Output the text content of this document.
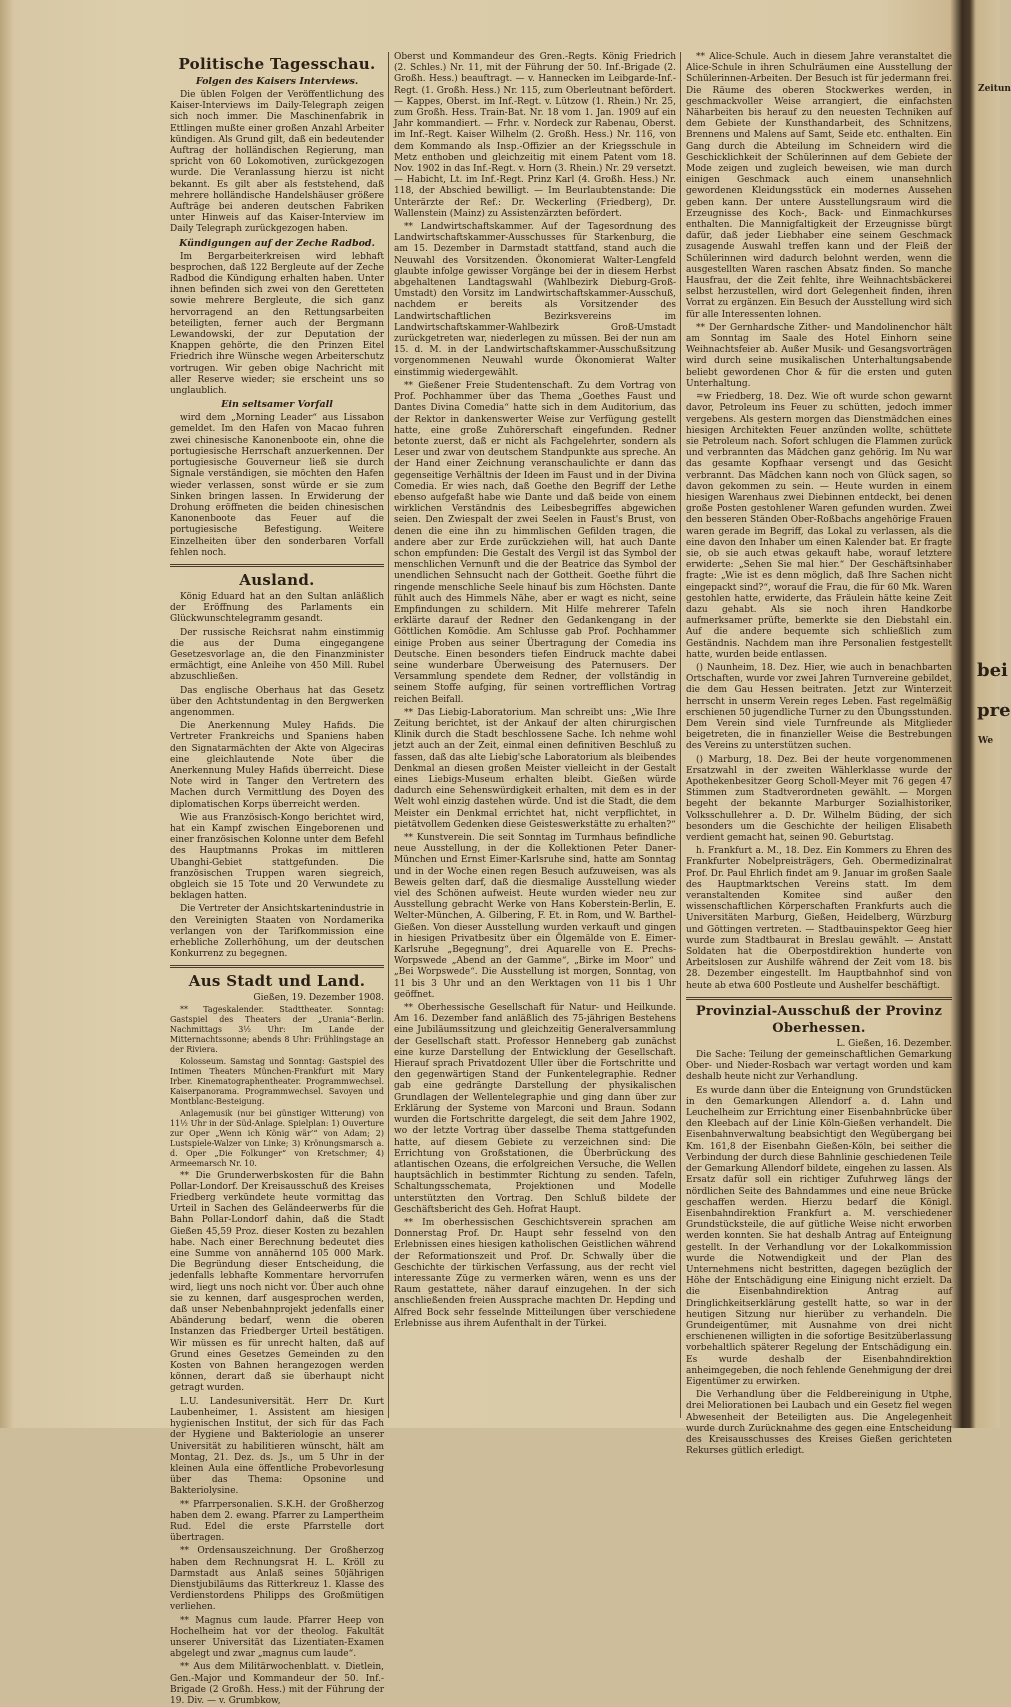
Politische Tagesschau.
Folgen des Kaisers Interviews.

Die üblen Folgen der Veröffentlichung des Kaiser-Interviews im Daily-Telegraph zeigen sich noch immer. Die Maschinenfabrik in Ettlingen mußte einer großen Anzahl Arbeiter kündigen. Als Grund gilt, daß ein bedeutender Auftrag der holländischen Regierung, man spricht von 60 Lokomotiven, zurückgezogen wurde. Die Veranlassung hierzu ist nicht bekannt. Es gilt aber als feststehend, daß mehrere holländische Handelshäuser größere Aufträge bei anderen deutschen Fabriken unter Hinweis auf das Kaiser-Interview im Daily Telegraph zurückgezogen haben.

Kündigungen auf der Zeche Radbod.

Im Bergarbeiterkreisen wird lebhaft besprochen, daß 122 Bergleute auf der Zeche Radbod die Kündigung erhalten haben. Unter ihnen befinden sich zwei von den Geretteten sowie mehrere Bergleute, die sich ganz hervorragend an den Rettungsarbeiten beteiligten, ferner auch der Bergmann Lewandowski, der zur Deputation der Knappen gehörte, die den Prinzen Eitel Friedrich ihre Wünsche wegen Arbeiterschutz vortrugen. Wir geben obige Nachricht mit aller Reserve wieder; sie erscheint uns so unglaublich.

Ein seltsamer Vorfall

wird dem „Morning Leader“ aus Lissabon gemeldet. Im den Hafen von Macao fuhren zwei chinesische Kanonenboote ein, ohne die portugiesische Herrschaft anzuerkennen. Der portugiesische Gouverneur ließ sie durch Signale verständigen, sie möchten den Hafen wieder verlassen, sonst würde er sie zum Sinken bringen lassen. In Erwiderung der Drohung eröffneten die beiden chinesischen Kanonenboote das Feuer auf die portugiesische Befestigung. Weitere Einzelheiten über den sonderbaren Vorfall fehlen noch.

Ausland.

König Eduard hat an den Sultan anläßlich der Eröffnung des Parlaments ein Glückwunschtelegramm gesandt.

Der russische Reichsrat nahm einstimmig die aus der Duma eingegangene Gesetzesvorlage an, die den Finanzminister ermächtigt, eine Anleihe von 450 Mill. Rubel abzuschließen.

Das englische Oberhaus hat das Gesetz über den Achtstundentag in den Bergwerken angenommen.

Die Anerkennung Muley Hafids. Die Vertreter Frankreichs und Spaniens haben den Signatarmächten der Akte von Algeciras eine gleichlautende Note über die Anerkennung Muley Hafids überreicht. Diese Note wird in Tanger den Vertretern des Machen durch Vermittlung des Doyen des diplomatischen Korps überreicht werden.

Wie aus Französisch-Kongo berichtet wird, hat ein Kampf zwischen Eingeborenen und einer französischen Kolonne unter dem Befehl des Hauptmanns Prokas im mittleren Ubanghi-Gebiet stattgefunden. Die französischen Truppen waren siegreich, obgleich sie 15 Tote und 20 Verwundete zu beklagen hatten.

Die Vertreter der Ansichtskartenindustrie in den Vereinigten Staaten von Nordamerika verlangen von der Tarifkommission eine erhebliche Zollerhöhung, um der deutschen Konkurrenz zu begegnen.

Aus Stadt und Land.
Gießen, 19. Dezember 1908.

** Tageskalender. Stadttheater. Sonntag: Gastspiel des Theaters der „Urania“-Berlin. Nachmittags 3½ Uhr: Im Lande der Mitternachtssonne; abends 8 Uhr: Frühlingstage an der Riviera.

Kolosseum. Samstag und Sonntag: Gastspiel des Intimen Theaters München-Frankfurt mit Mary Irber. Kinematographentheater. Programmwechsel. Kaiserpanorama. Programmwechsel. Savoyen und Montblanc-Besteigung.

Anlagemusik (nur bei günstiger Witterung) von 11½ Uhr in der Süd-Anlage. Spielplan: 1) Ouverture zur Oper „Wenn ich König wär’“ von Adam; 2) Lustspiele-Walzer von Linke; 3) Krönungsmarsch a. d. Oper „Die Folkunger“ von Kretschmer; 4) Armeemarsch Nr. 10.

** Die Grunderwerbskosten für die Bahn Pollar-Londorf. Der Kreisausschuß des Kreises Friedberg verkündete heute vormittag das Urteil in Sachen des Geländeerwerbs für die Bahn Pollar-Londorf dahin, daß die Stadt Gießen 45,59 Proz. dieser Kosten zu bezahlen habe. Nach einer Berechnung bedeutet dies eine Summe von annähernd 105 000 Mark. Die Begründung dieser Entscheidung, die jedenfalls lebhafte Kommentare hervorrufen wird, liegt uns noch nicht vor. Über auch ohne sie zu kennen, darf ausgesprochen werden, daß unser Nebenbahnprojekt jedenfalls einer Abänderung bedarf, wenn die oberen Instanzen das Friedberger Urteil bestätigen. Wir müssen es für unrecht halten, daß auf Grund eines Gesetzes Gemeinden zu den Kosten von Bahnen herangezogen werden können, derart daß sie überhaupt nicht getragt wurden.

L.U. Landesuniversität. Herr Dr. Kurt Laubenheimer, 1. Assistent am hiesigen hygienischen Institut, der sich für das Fach der Hygiene und Bakteriologie an unserer Universität zu habilitieren wünscht, hält am Montag, 21. Dez. ds. Js., um 5 Uhr in der kleinen Aula eine öffentliche Probevorlesung über das Thema: Opsonine und Bakteriolysine.

** Pfarrpersonalien. S.K.H. der Großherzog haben dem 2. ewang. Pfarrer zu Lampertheim Rud. Edel die erste Pfarrstelle dort übertragen.

** Ordensauszeichnung. Der Großherzog haben dem Rechnungsrat H. L. Kröll zu Darmstadt aus Anlaß seines 50jährigen Dienstjubiläums das Ritterkreuz 1. Klasse des Verdienstordens Philipps des Großmütigen verliehen.

** Magnus cum laude. Pfarrer Heep von Hochelheim hat vor der theolog. Fakultät unserer Universität das Lizentiaten-Examen abgelegt und zwar „magnus cum laude“.

** Aus dem Militärwochenblatt. v. Dietlein, Gen.-Major und Kommandeur der 50. Inf.-Brigade (2 Großh. Hess.) mit der Führung der 19. Div. — v. Grumbkow,

Oberst und Kommandeur des Gren.-Regts. König Friedrich (2. Schles.) Nr. 11, mit der Führung der 50. Inf.-Brigade (2. Großh. Hess.) beauftragt. — v. Hannecken im Leibgarde-Inf.-Regt. (1. Großh. Hess.) Nr. 115, zum Oberleutnant befördert. — Kappes, Oberst. im Inf.-Regt. v. Lützow (1. Rhein.) Nr. 25, zum Großh. Hess. Train-Bat. Nr. 18 vom 1. Jan. 1909 auf ein Jahr kommandiert. — Frhr. v. Nordeck zur Rabenau, Oberst. im Inf.-Regt. Kaiser Wilhelm (2. Großh. Hess.) Nr. 116, von dem Kommando als Insp.-Offizier an der Kriegsschule in Metz enthoben und gleichzeitig mit einem Patent vom 18. Nov. 1902 in das Inf.-Regt. v. Horn (3. Rhein.) Nr. 29 versetzt. — Habicht, Lt. im Inf.-Regt. Prinz Karl (4. Großh. Hess.) Nr. 118, der Abschied bewilligt. — Im Beurlaubtenstande: Die Unterärzte der Ref.: Dr. Weckerling (Friedberg), Dr. Wallenstein (Mainz) zu Assistenzärzten befördert.

** Landwirtschaftskammer. Auf der Tagesordnung des Landwirtschaftskammer-Ausschusses für Starkenburg, die am 15. Dezember in Darmstadt stattfand, stand auch die Neuwahl des Vorsitzenden. Ökonomierat Walter-Lengfeld glaubte infolge gewisser Vorgänge bei der in diesem Herbst abgehaltenen Landtagswahl (Wahlbezirk Dieburg-Groß-Umstadt) den Vorsitz im Landwirtschaftskammer-Ausschuß, nachdem er bereits als Vorsitzender des Landwirtschaftlichen Bezirksvereins im Landwirtschaftskammer-Wahlbezirk Groß-Umstadt zurückgetreten war, niederlegen zu müssen. Bei der nun am 15. d. M. in der Landwirtschaftskammer-Ausschußsitzung vorgenommenen Neuwahl wurde Ökonomierat Walter einstimmig wiedergewählt.

** Gießener Freie Studentenschaft. Zu dem Vortrag von Prof. Pochhammer über das Thema „Goethes Faust und Dantes Divina Comedia“ hatte sich in dem Auditorium, das der Rektor in dankenswerter Weise zur Verfügung gestellt hatte, eine große Zuhörerschaft eingefunden. Redner betonte zuerst, daß er nicht als Fachgelehrter, sondern als Leser und zwar von deutschem Standpunkte aus spreche. An der Hand einer Zeichnung veranschaulichte er dann das gegenseitige Verhältnis der Ideen im Faust und in der Divina Comedia. Er wies nach, daß Goethe den Begriff der Lethe ebenso aufgefaßt habe wie Dante und daß beide von einem wirklichen Verständnis des Leibesbegriffes abgewichen seien. Den Zwiespalt der zwei Seelen in Faust's Brust, von denen die eine ihn zu himmlischen Gefilden tragen, die andere aber zur Erde zurückziehen will, hat auch Dante schon empfunden: Die Gestalt des Vergil ist das Symbol der menschlichen Vernunft und die der Beatrice das Symbol der unendlichen Sehnsucht nach der Gottheit. Goethe führt die ringende menschliche Seele hinauf bis zum Höchsten. Dante fühlt auch des Himmels Nähe, aber er wagt es nicht, seine Empfindungen zu schildern. Mit Hilfe mehrerer Tafeln erklärte darauf der Redner den Gedankengang in der Göttlichen Komödie. Am Schlusse gab Prof. Pochhammer einige Proben aus seiner Übertragung der Comedia ins Deutsche. Einen besonders tiefen Eindruck machte dabei seine wunderbare Überweisung des Paternusers. Der Versammlung spendete dem Redner, der vollständig in seinem Stoffe aufging, für seinen vortrefflichen Vortrag reichen Beifall.

** Das Liebig-Laboratorium. Man schreibt uns: „Wie Ihre Zeitung berichtet, ist der Ankauf der alten chirurgischen Klinik durch die Stadt beschlossene Sache. Ich nehme wohl jetzt auch an der Zeit, einmal einen definitiven Beschluß zu fassen, daß das alte Liebig'sche Laboratorium als bleibendes Denkmal an diesen großen Meister vielleicht in der Gestalt eines Liebigs-Museum erhalten bleibt. Gießen würde dadurch eine Sehenswürdigkeit erhalten, mit dem es in der Welt wohl einzig dastehen würde. Und ist die Stadt, die dem Meister ein Denkmal errichtet hat, nicht verpflichtet, in pietätvollem Gedenken diese Geisteswerkstätte zu erhalten?“

** Kunstverein. Die seit Sonntag im Turmhaus befindliche neue Ausstellung, in der die Kollektionen Peter Daner-München und Ernst Eimer-Karlsruhe sind, hatte am Sonntag und in der Woche einen regen Besuch aufzuweisen, was als Beweis gelten darf, daß die diesmalige Ausstellung wieder viel des Schönen aufweist. Heute wurden wieder neu zur Ausstellung gebracht Werke von Hans Koberstein-Berlin, E. Welter-München, A. Gilbering, F. Et. in Rom, und W. Barthel-Gießen. Von dieser Ausstellung wurden verkauft und gingen in hiesigen Privatbesitz über ein Ölgemälde von E. Eimer-Karlsruhe „Begegnung“, drei Aquarelle von E. Prechs-Worpswede „Abend an der Gamme“, „Birke im Moor“ und „Bei Worpswede“. Die Ausstellung ist morgen, Sonntag, von 11 bis 3 Uhr und an den Werktagen von 11 bis 1 Uhr geöffnet.

** Oberhessische Gesellschaft für Natur- und Heilkunde. Am 16. Dezember fand anläßlich des 75-jährigen Bestehens eine Jubiläumssitzung und gleichzeitig Generalversammlung der Gesellschaft statt. Professor Henneberg gab zunächst eine kurze Darstellung der Entwicklung der Gesellschaft. Hierauf sprach Privatdozent Uller über die Fortschritte und den gegenwärtigen Stand der Funkentelegraphie. Redner gab eine gedrängte Darstellung der physikalischen Grundlagen der Wellentelegraphie und ging dann über zur Erklärung der Systeme von Marconi und Braun. Sodann wurden die Fortschritte dargelegt, die seit dem Jahre 1902, wo der letzte Vortrag über dasselbe Thema stattgefunden hatte, auf diesem Gebiete zu verzeichnen sind: Die Errichtung von Großstationen, die Überbrückung des atlantischen Ozeans, die erfolgreichen Versuche, die Wellen hauptsächlich in bestimmter Richtung zu senden. Tafeln, Schaltungsschemata, Projektionen und Modelle unterstützten den Vortrag. Den Schluß bildete der Geschäftsbericht des Geh. Hofrat Haupt.

** Im oberhessischen Geschichtsverein sprachen am Donnerstag Prof. Dr. Haupt sehr fesselnd von den Erlebnissen eines hiesigen katholischen Geistlichen während der Reformationszeit und Prof. Dr. Schwally über die Geschichte der türkischen Verfassung, aus der recht viel interessante Züge zu vermerken wären, wenn es uns der Raum gestattete, näher darauf einzugehen. In der sich anschließenden freien Aussprache machten Dr. Hepding und Alfred Bock sehr fesselnde Mitteilungen über verschiedene Erlebnisse aus ihrem Aufenthalt in der Türkei.

** Alice-Schule. Auch in diesem Jahre veranstaltet die Alice-Schule in ihren Schulräumen eine Ausstellung der Schülerinnen-Arbeiten. Der Besuch ist für jedermann frei. Die Räume des oberen Stockwerkes werden, in geschmackvoller Weise arrangiert, die einfachsten Näharbeiten bis herauf zu den neuesten Techniken auf dem Gebiete der Kunsthandarbeit, des Schnitzens, Brennens und Malens auf Samt, Seide etc. enthalten. Ein Gang durch die Abteilung im Schneidern wird die Geschicklichkeit der Schülerinnen auf dem Gebiete der Mode zeigen und zugleich beweisen, wie man durch einigen Geschmack auch einem unansehnlich gewordenen Kleidungsstück ein modernes Aussehen geben kann. Der untere Ausstellungsraum wird die Erzeugnisse des Koch-, Back- und Einmachkurses enthalten. Die Mannigfaltigkeit der Erzeugnisse bürgt dafür, daß jeder Liebhaber eine seinem Geschmack zusagende Auswahl treffen kann und der Fleiß der Schülerinnen wird dadurch belohnt werden, wenn die ausgestellten Waren raschen Absatz finden. So manche Hausfrau, der die Zeit fehlte, ihre Weihnachtsbäckerei selbst herzustellen, wird dort Gelegenheit finden, ihren Vorrat zu ergänzen. Ein Besuch der Ausstellung wird sich für alle Interessenten lohnen.

** Der Gernhardsche Zither- und Mandolinenchor hält am Sonntag im Saale des Hotel Einhorn seine Weihnachtsfeier ab. Außer Musik- und Gesangsvorträgen wird durch seine musikalischen Unterhaltungsabende beliebt gewordenen Chor & für die ersten und guten Unterhaltung.

=w Friedberg, 18. Dez. Wie oft wurde schon gewarnt davor, Petroleum ins Feuer zu schütten, jedoch immer vergebens. Als gestern morgen das Dienstmädchen eines hiesigen Architekten Feuer anzünden wollte, schüttete sie Petroleum nach. Sofort schlugen die Flammen zurück und verbrannten das Mädchen ganz gehörig. Im Nu war das gesamte Kopfhaar versengt und das Gesicht verbrannt. Das Mädchen kann noch von Glück sagen, so davon gekommen zu sein. — Heute wurden in einem hiesigen Warenhaus zwei Diebinnen entdeckt, bei denen große Posten gestohlener Waren gefunden wurden. Zwei den besseren Ständen Ober-Roßbachs angehörige Frauen waren gerade im Begriff, das Lokal zu verlassen, als die eine davon den Inhaber um einen Kalender bat. Er fragte sie, ob sie auch etwas gekauft habe, worauf letztere erwiderte: „Sehen Sie mal hier.“ Der Geschäftsinhaber fragte: „Wie ist es denn möglich, daß Ihre Sachen nicht eingepackt sind?“, worauf die Frau, die für 60 Mk. Waren gestohlen hatte, erwiderte, das Fräulein hätte keine Zeit dazu gehabt. Als sie noch ihren Handkorbe aufmerksamer prüfte, bemerkte sie den Diebstahl ein. Auf die andere bequemte sich schließlich zum Geständnis. Nachdem man ihre Personalien festgestellt hatte, wurden beide entlassen.

() Naunheim, 18. Dez. Hier, wie auch in benachbarten Ortschaften, wurde vor zwei Jahren Turnvereine gebildet, die dem Gau Hessen beitraten. Jetzt zur Winterzeit herrscht in unserm Verein reges Leben. Fast regelmäßig erschienen 50 jugendliche Turner zu den Übungsstunden. Dem Verein sind viele Turnfreunde als Mitglieder beigetreten, die in finanzieller Weise die Bestrebungen des Vereins zu unterstützen suchen.

() Marburg, 18. Dez. Bei der heute vorgenommenen Ersatzwahl in der zweiten Wählerklasse wurde der Apothekenbesitzer Georg Scholl-Meyer mit 76 gegen 47 Stimmen zum Stadtverordneten gewählt. — Morgen begeht der bekannte Marburger Sozialhistoriker, Volksschullehrer a. D. Dr. Wilhelm Büding, der sich besonders um die Geschichte der heiligen Elisabeth verdient gemacht hat, seinen 90. Geburtstag.

h. Frankfurt a. M., 18. Dez. Ein Kommers zu Ehren des Frankfurter Nobelpreisträgers, Geh. Obermedizinalrat Prof. Dr. Paul Ehrlich findet am 9. Januar im großen Saale des Hauptmarktschen Vereins statt. Im dem veranstaltenden Komitee sind außer den wissenschaftlichen Körperschaften Frankfurts auch die Universitäten Marburg, Gießen, Heidelberg, Würzburg und Göttingen vertreten. — Stadtbauinspektor Geeg hier wurde zum Stadtbaurat in Breslau gewählt. — Anstatt Soldaten hat die Oberpostdirektion hunderte von Arbeitslosen zur Aushilfe während der Zeit vom 18. bis 28. Dezember eingestellt. Im Hauptbahnhof sind von heute ab etwa 600 Postleute und Aushelfer beschäftigt.

Provinzial-Ausschuß der Provinz Oberhessen.
L. Gießen, 16. Dezember.

Die Sache: Teilung der gemeinschaftlichen Gemarkung Ober- und Nieder-Rosbach war vertagt worden und kam deshalb heute nicht zur Verhandlung.

Es wurde dann über die Enteignung von Grundstücken in den Gemarkungen Allendorf a. d. Lahn und Leuchelheim zur Errichtung einer Eisenbahnbrücke über den Kleebach auf der Linie Köln-Gießen verhandelt. Die Eisenbahnverwaltung beabsichtigt den Wegübergang bei Km. 161,8 der Eisenbahn Gießen-Köln, bei seither die Verbindung der durch diese Bahnlinie geschiedenen Teile der Gemarkung Allendorf bildete, eingehen zu lassen. Als Ersatz dafür soll ein richtiger Zufuhrweg längs der nördlichen Seite des Bahndammes und eine neue Brücke geschaffen werden. Hierzu bedarf die Königl. Eisenbahndirektion Frankfurt a. M. verschiedener Grundstücksteile, die auf gütliche Weise nicht erworben werden konnten. Sie hat deshalb Antrag auf Enteignung gestellt. In der Verhandlung vor der Lokalkommission wurde die Notwendigkeit und der Plan des Unternehmens nicht bestritten, dagegen bezüglich der Höhe der Entschädigung eine Einigung nicht erzielt. Da die Eisenbahndirektion Antrag auf Dringlichkeitserklärung gestellt hatte, so war in der heutigen Sitzung nur hierüber zu verhandeln. Die Grundeigentümer, mit Ausnahme von drei nicht erschienenen willigten in die sofortige Besitzüberlassung vorbehaltlich späterer Regelung der Entschädigung ein. Es wurde deshalb der Eisenbahndirektion anheimgegeben, die noch fehlende Genehmigung der drei Eigentümer zu erwirken.

Die Verhandlung über die Feldbereinigung in Utphe, drei Meliorationen bei Laubach und ein Gesetz fiel wegen Abwesenheit der Beteiligten aus. Die Angelegenheit wurde durch Zurücknahme des gegen eine Entscheidung des Kreisausschusses des Kreises Gießen gerichteten Rekurses gütlich erledigt.

Zeitun
bei
pre
We
